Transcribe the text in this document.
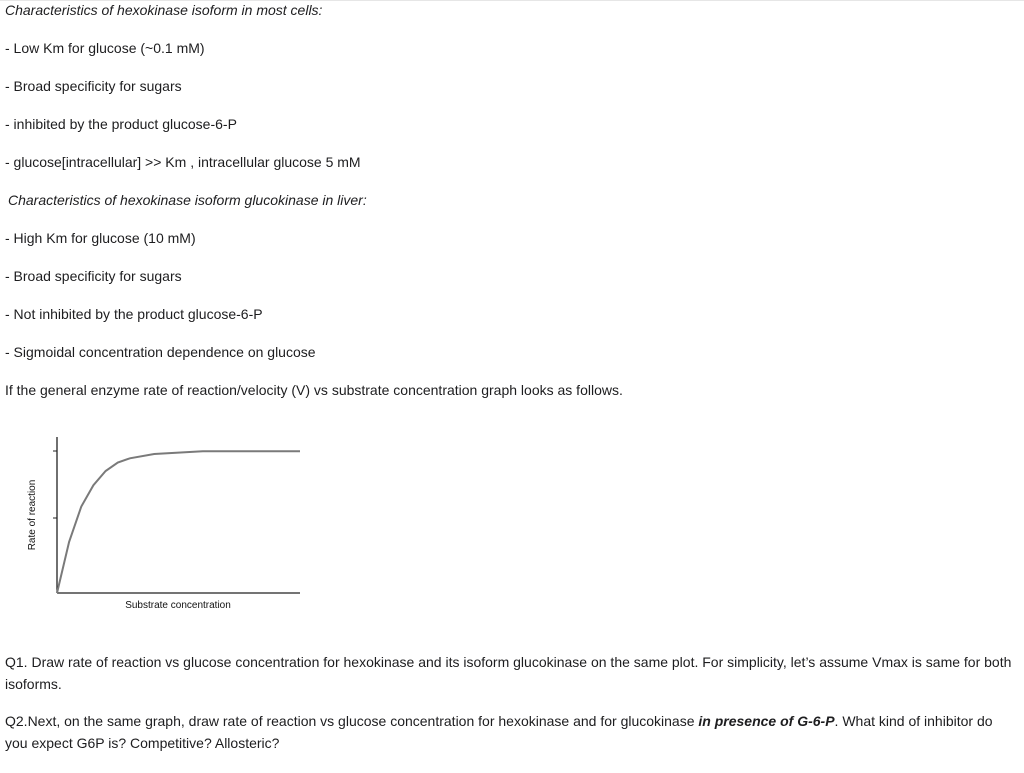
Characteristics of hexokinase isoform in most cells:
- Low Km for glucose (~0.1 mM)
- Broad specificity for sugars
- inhibited by the product glucose-6-P
- glucose[intracellular] >> Km , intracellular glucose 5 mM
Characteristics of hexokinase isoform glucokinase in liver:
- High Km for glucose (10 mM)
- Broad specificity for sugars
- Not inhibited by the product glucose-6-P
- Sigmoidal concentration dependence on glucose
If the general enzyme rate of reaction/velocity (V) vs substrate concentration graph looks as follows.
Substrate concentration
Rate of reaction
Q1. Draw rate of reaction vs glucose concentration for hexokinase and its isoform glucokinase on the same plot. For simplicity, let’s assume Vmax is same for both isoforms.
Q2.Next, on the same graph, draw rate of reaction vs glucose concentration for hexokinase and for glucokinase in presence of G-6-P. What kind of inhibitor do you expect G6P is? Competitive? Allosteric?
